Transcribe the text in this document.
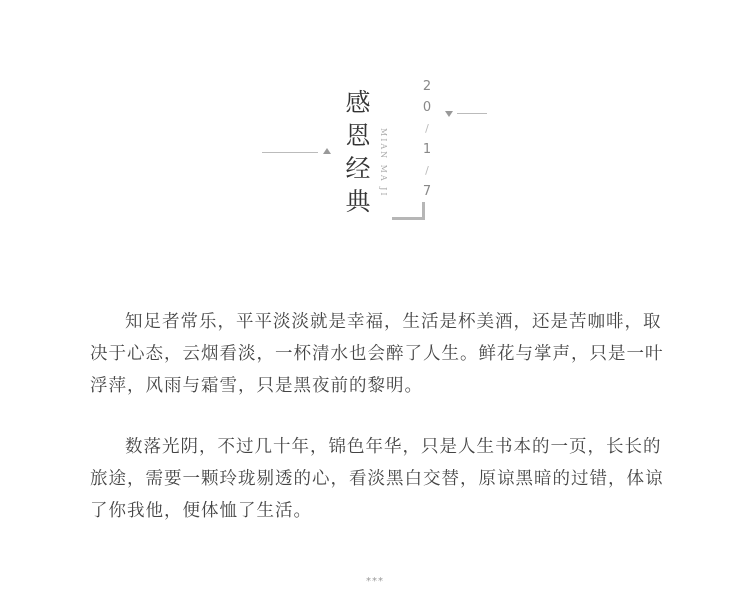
感
恩
经
典
MIAN MA JI
2
0
/
1
/
7

知足者常乐，平平淡淡就是幸福，生活是杯美酒，还是苦咖啡，取决于心态，云烟看淡，一杯清水也会醉了人生。鲜花与掌声，只是一叶浮萍，风雨与霜雪，只是黑夜前的黎明。

数落光阴，不过几十年，锦色年华，只是人生书本的一页，长长的旅途，需要一颗玲珑剔透的心，看淡黑白交替，原谅黑暗的过错，体谅了你我他，便体恤了生活。

***
